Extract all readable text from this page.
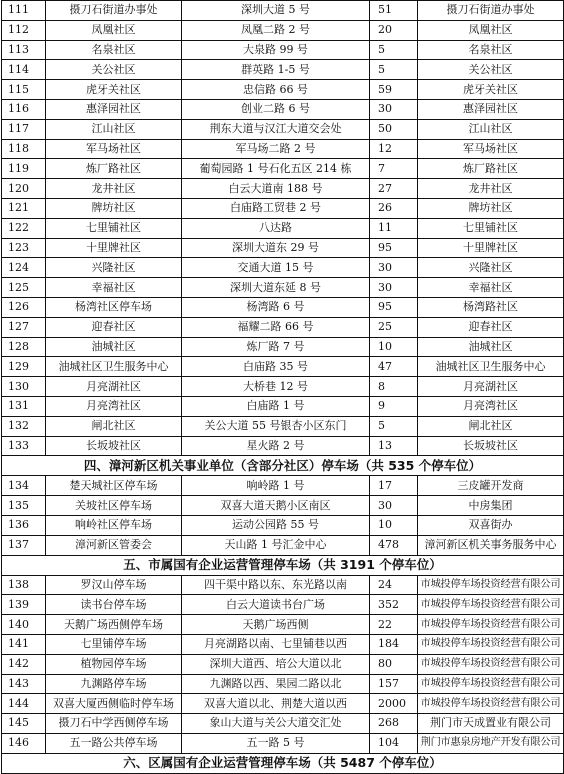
111	摄刀石街道办事处	深圳大道 5 号	51	摄刀石街道办事处
112	凤凰社区	凤凰二路 2 号	20	凤凰社区
113	名泉社区	大泉路 99 号	5	名泉社区
114	关公社区	群英路 1-5 号	5	关公社区
115	虎牙关社区	忠信路 66 号	59	虎牙关社区
116	惠泽园社区	创业二路 6 号	30	惠泽园社区
117	江山社区	荆东大道与汉江大道交会处	50	江山社区
118	军马场社区	军马场二路 2 号	12	军马场社区
119	炼厂路社区	葡萄园路 1 号石化五区 214 栋	7	炼厂路社区
120	龙井社区	白云大道南 188 号	27	龙井社区
121	牌坊社区	白庙路工贸巷 2 号	26	牌坊社区
122	七里铺社区	八达路	11	七里铺社区
123	十里牌社区	深圳大道东 29 号	95	十里牌社区
124	兴隆社区	交通大道 15 号	30	兴隆社区
125	幸福社区	深圳大道东延 8 号	30	幸福社区
126	杨湾社区停车场	杨湾路 6 号	95	杨湾路社区
127	迎春社区	福耀二路 66 号	25	迎春社区
128	油城社区	炼厂路 7 号	10	油城社区
129	油城社区卫生服务中心	白庙路 35 号	47	油城社区卫生服务中心
130	月亮湖社区	大桥巷 12 号	8	月亮湖社区
131	月亮湾社区	白庙路 1 号	9	月亮湾社区
132	闸北社区	关公大道 55 号银杏小区东门	5	闸北社区
133	长坂坡社区	星火路 2 号	13	长坂坡社区
四、漳河新区机关事业单位（含部分社区）停车场（共 535 个停车位）				
134	楚天城社区停车场	响岭路 1 号	17	三皮罐开发商
135	关坡社区停车场	双喜大道天鹅小区南区	30	中房集团
136	响岭社区停车场	运动公园路 55 号	10	双喜街办
137	漳河新区管委会	天山路 1 号汇金中心	478	漳河新区机关事务服务中心
五、市属国有企业运营管理停车场（共 3191 个停车位）				
138	罗汉山停车场	四干渠中路以东、东光路以南	24	市城投停车场投资经营有限公司
139	读书台停车场	白云大道读书台广场	352	市城投停车场投资经营有限公司
140	天鹅广场西侧停车场	天鹅广场西侧	22	市城投停车场投资经营有限公司
141	七里铺停车场	月亮湖路以南、七里铺巷以西	184	市城投停车场投资经营有限公司
142	植物园停车场	深圳大道西、培公大道以北	80	市城投停车场投资经营有限公司
143	九渊路停车场	九渊路以西、果园二路以北	157	市城投停车场投资经营有限公司
144	双喜大厦西侧临时停车场	双喜大道以北、荆楚大道以西	2000	市城投停车场投资经营有限公司
145	摄刀石中学西侧停车场	象山大道与关公大道交汇处	268	荆门市天成置业有限公司
146	五一路公共停车场	五一路 5 号	104	荆门市惠泉房地产开发有限公司
六、区属国有企业运营管理停车场（共 5487 个停车位）				
